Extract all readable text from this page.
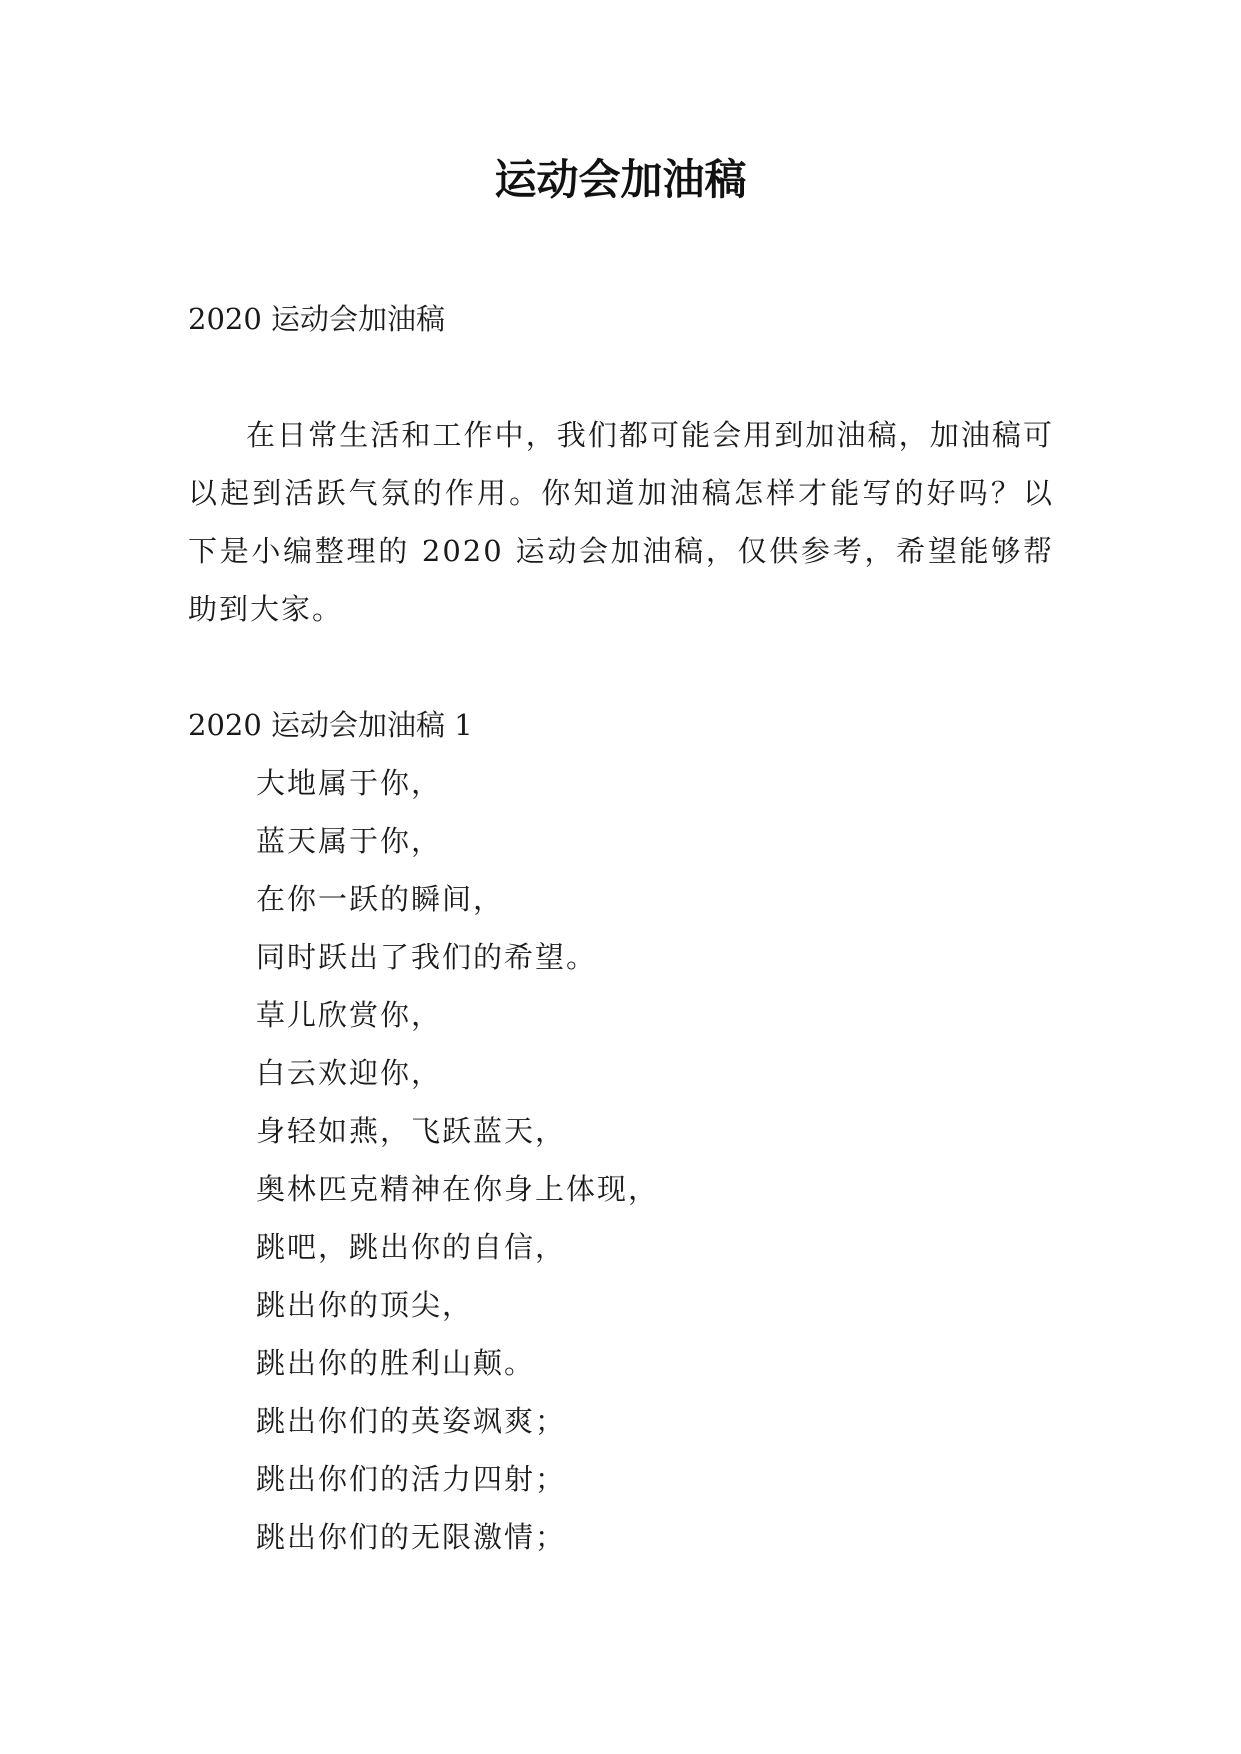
运动会加油稿

2020 运动会加油稿

在日常生活和工作中，我们都可能会用到加油稿，加油稿可以起到活跃气氛的作用。你知道加油稿怎样才能写的好吗？以下是小编整理的 2020 运动会加油稿，仅供参考，希望能够帮助到大家。

2020 运动会加油稿 1

大地属于你，
蓝天属于你，
在你一跃的瞬间，
同时跃出了我们的希望。
草儿欣赏你，
白云欢迎你，
身轻如燕，飞跃蓝天，
奥林匹克精神在你身上体现，
跳吧，跳出你的自信，
跳出你的顶尖，
跳出你的胜利山颠。
跳出你们的英姿飒爽；
跳出你们的活力四射；
跳出你们的无限激情；
